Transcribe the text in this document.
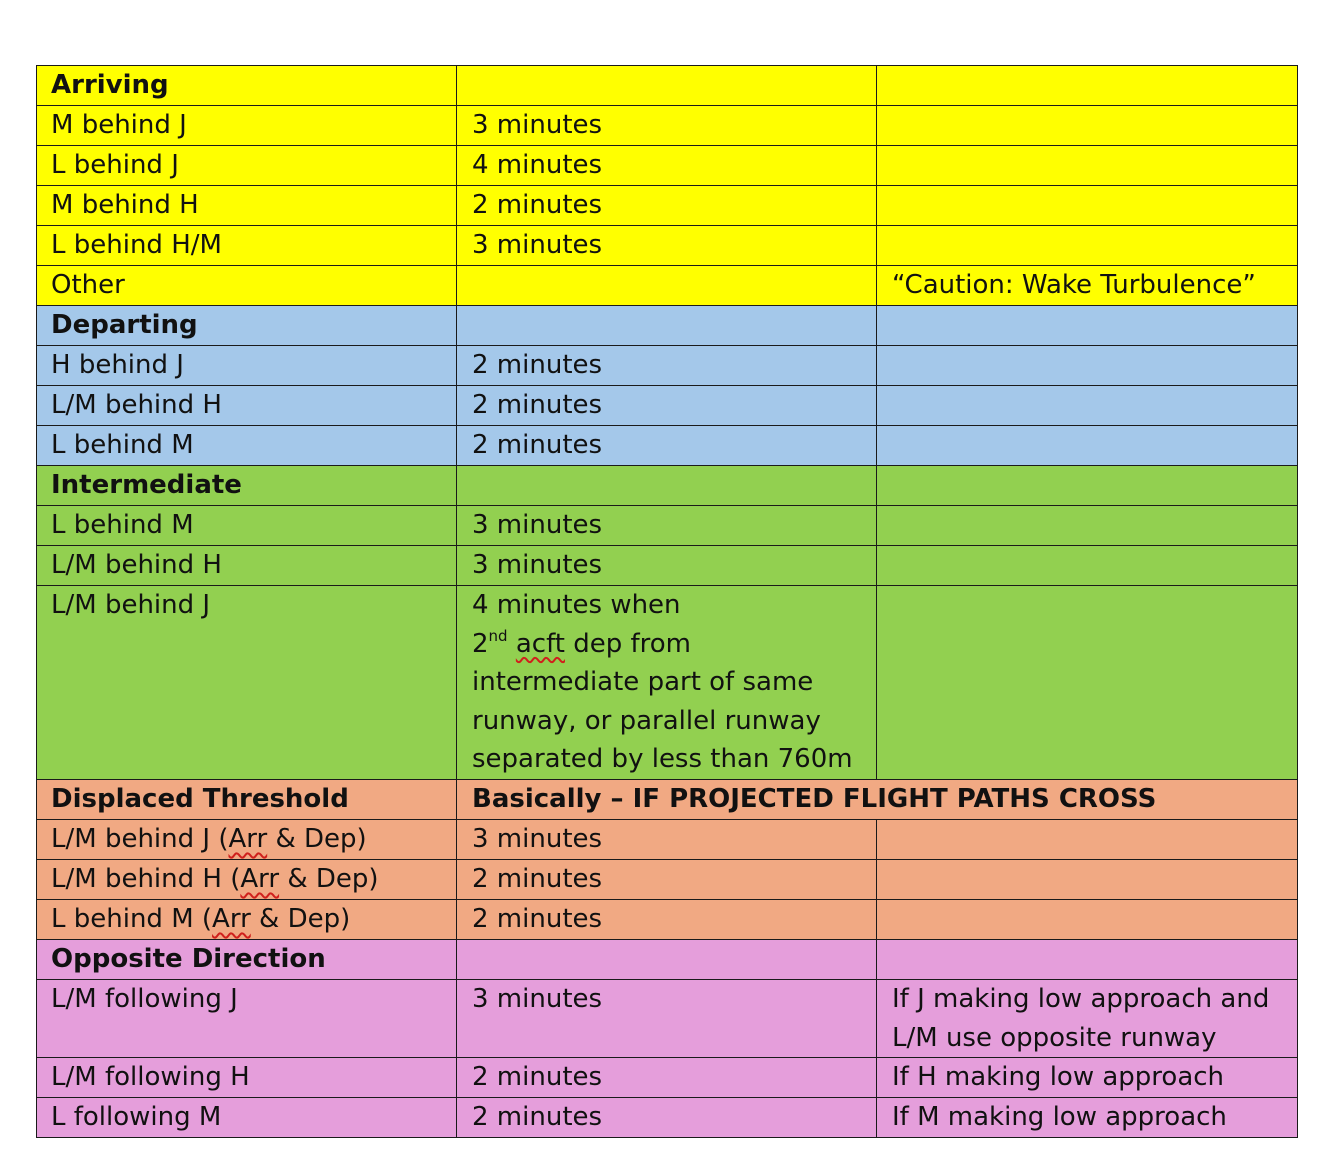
Arriving		
M behind J	3 minutes	
L behind J	4 minutes	
M behind H	2 minutes	
L behind H/M	3 minutes	
Other		“Caution: Wake Turbulence”
Departing		
H behind J	2 minutes	
L/M behind H	2 minutes	
L behind M	2 minutes	
Intermediate		
L behind M	3 minutes	
L/M behind H	3 minutes	
L/M behind J	4 minutes when
2nd acft dep from
intermediate part of same
runway, or parallel runway
separated by less than 760m	

Displaced Threshold	Basically – IF PROJECTED FLIGHT PATHS CROSS	
L/M behind J (Arr & Dep)	3 minutes	
L/M behind H (Arr & Dep)	2 minutes	
L behind M (Arr & Dep)	2 minutes	
Opposite Direction		
L/M following J	3 minutes	If J making low approach and
L/M use opposite runway

L/M following H	2 minutes	If H making low approach
L following M	2 minutes	If M making low approach
